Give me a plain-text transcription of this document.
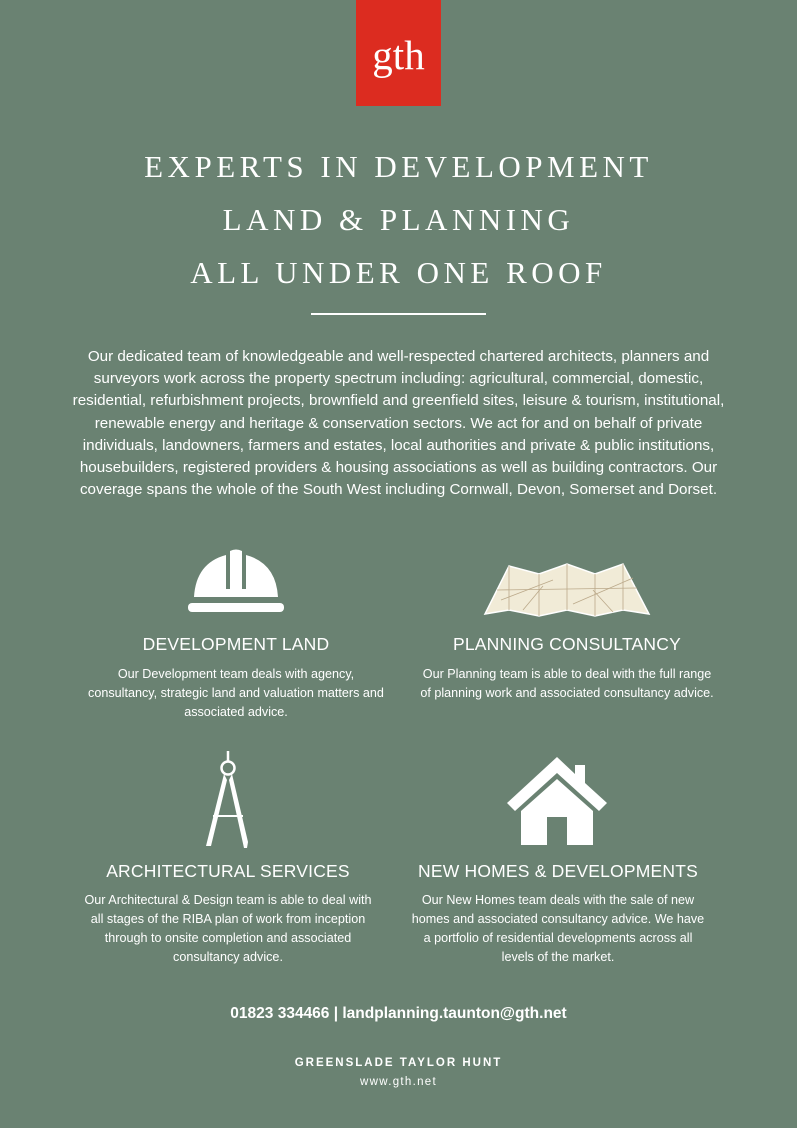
gth
EXPERTS IN DEVELOPMENT
LAND & PLANNING
ALL UNDER ONE ROOF
Our dedicated team of knowledgeable and well-respected chartered architects, planners and surveyors work across the property spectrum including: agricultural, commercial, domestic, residential, refurbishment projects, brownfield and greenfield sites, leisure & tourism, institutional, renewable energy and heritage & conservation sectors. We act for and on behalf of private individuals, landowners, farmers and estates, local authorities and private & public institutions, housebuilders, registered providers & housing associations as well as building contractors. Our coverage spans the whole of the South West including Cornwall, Devon, Somerset and Dorset.
DEVELOPMENT LAND
Our Development team deals with agency, consultancy, strategic land and valuation matters and associated advice.
PLANNING CONSULTANCY
Our Planning team is able to deal with the full range of planning work and associated consultancy advice.
ARCHITECTURAL SERVICES
Our Architectural & Design team is able to deal with all stages of the RIBA plan of work from inception through to onsite completion and associated consultancy advice.
NEW HOMES & DEVELOPMENTS
Our New Homes team deals with the sale of new homes and associated consultancy advice. We have a portfolio of residential developments across all levels of the market.
01823 334466 | landplanning.taunton@gth.net
GREENSLADE TAYLOR HUNT
www.gth.net
